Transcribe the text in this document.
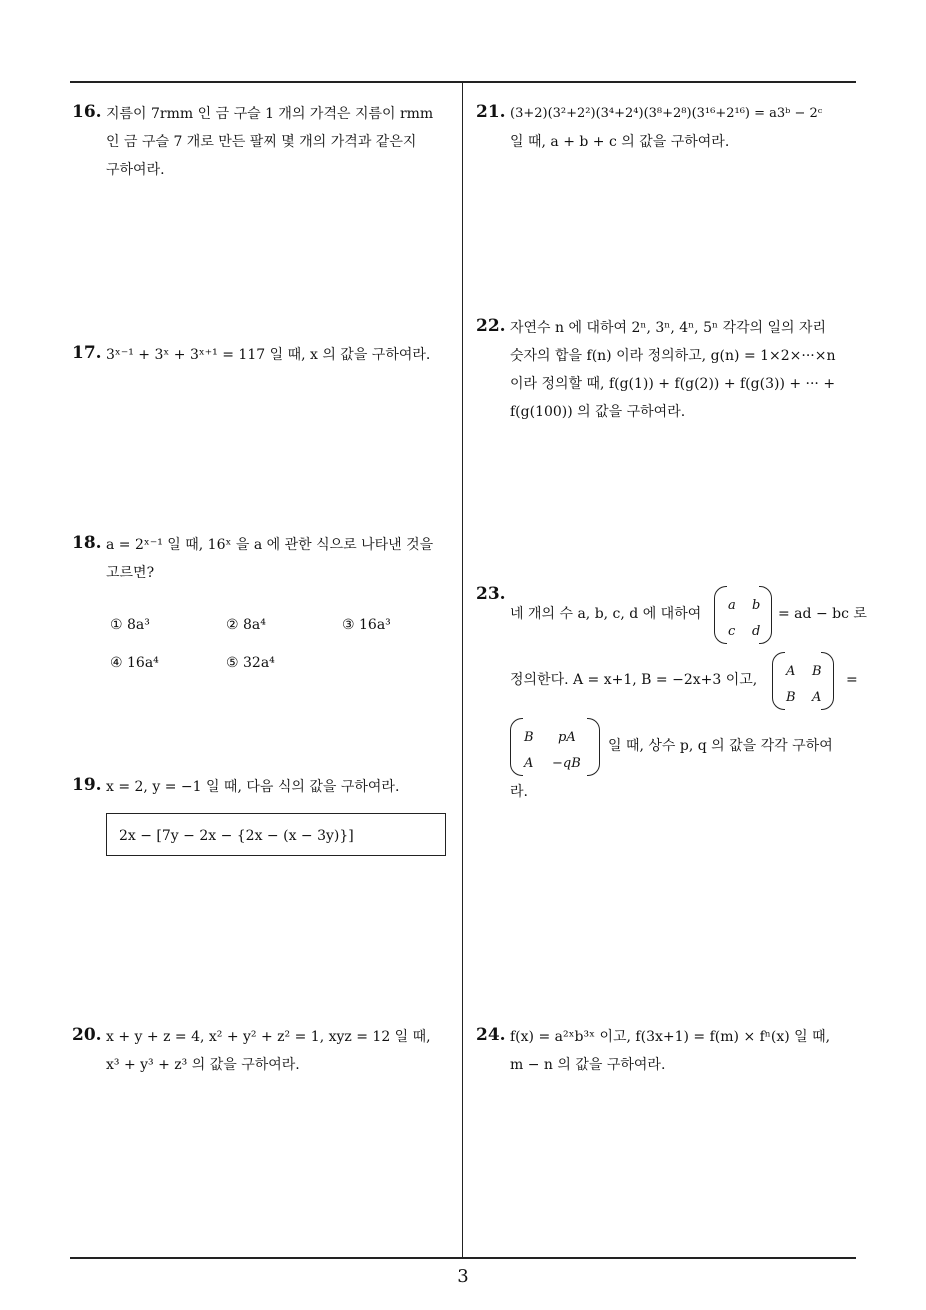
16. 지름이 7rmm 인 금 구슬 1 개의 가격은 지름이 rmm
인 금 구슬 7 개로 만든 팔찌 몇 개의 가격과 같은지
구하여라.
17. 3ˣ⁻¹ + 3ˣ + 3ˣ⁺¹ = 117 일 때, x 의 값을 구하여라.
18. a = 2ˣ⁻¹ 일 때, 16ˣ 을 a 에 관한 식으로 나타낸 것을
고르면?
① 8a³	② 8a⁴	③ 16a³
④ 16a⁴	⑤ 32a⁴
19. x = 2, y = −1 일 때, 다음 식의 값을 구하여라.
2x − [7y − 2x − {2x − (x − 3y)}]
20. x + y + z = 4, x² + y² + z² = 1, xyz = 12 일 때,
x³ + y³ + z³ 의 값을 구하여라.
21. (3+2)(3²+2²)(3⁴+2⁴)(3⁸+2⁸)(3¹⁶+2¹⁶) = a3ᵇ − 2ᶜ
일 때, a + b + c 의 값을 구하여라.
22. 자연수 n 에 대하여 2ⁿ, 3ⁿ, 4ⁿ, 5ⁿ 각각의 일의 자리
숫자의 합을 f(n) 이라 정의하고, g(n) = 1×2×···×n
이라 정의할 때, f(g(1)) + f(g(2)) + f(g(3)) + ··· +
f(g(100)) 의 값을 구하여라.
23.
네 개의 수 a, b, c, d 에 대하여
a b
c d
= ad − bc 로
정의한다. A = x+1, B = −2x+3 이고,
A B
B A
=
B pA
A −qB
일 때, 상수 p, q 의 값을 각각 구하여
라.
24. f(x) = a²ˣb³ˣ 이고, f(3x+1) = f(m) × fⁿ(x) 일 때,
m − n 의 값을 구하여라.
3
